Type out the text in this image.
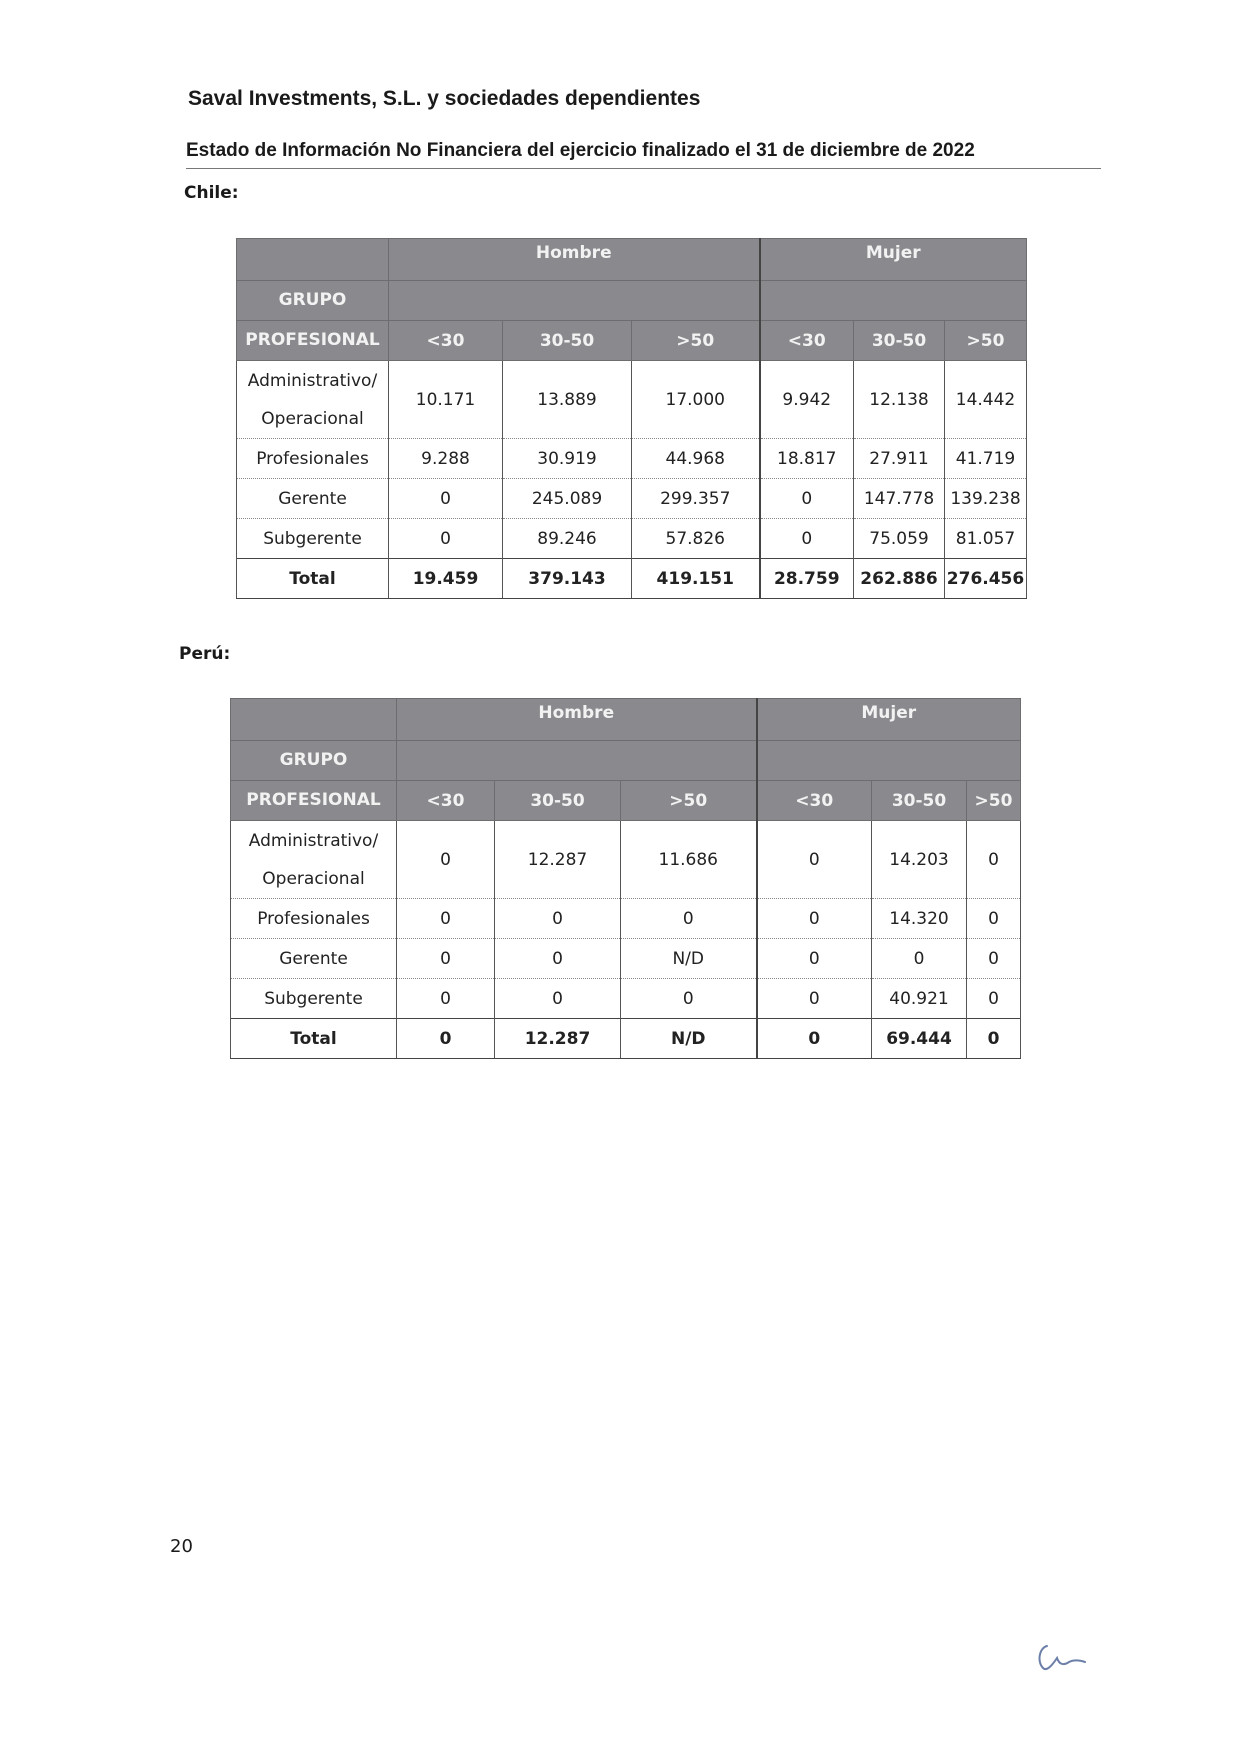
Saval Investments, S.L. y sociedades dependientes
Estado de Información No Financiera del ejercicio finalizado el 31 de diciembre de 2022
Chile:
	Hombre			Mujer		
GRUPO						
PROFESIONAL	<30	30-50	>50	<30	30-50	>50
Administrativo/
Operacional	10.171	13.889	17.000	9.942	12.138	14.442
Profesionales	9.288	30.919	44.968	18.817	27.911	41.719
Gerente	0	245.089	299.357	0	147.778	139.238
Subgerente	0	89.246	57.826	0	75.059	81.057
Total	19.459	379.143	419.151	28.759	262.886	276.456
Perú:
	Hombre			Mujer		
GRUPO						
PROFESIONAL	<30	30-50	>50	<30	30-50	>50
Administrativo/
Operacional	0	12.287	11.686	0	14.203	0
Profesionales	0	0	0	0	14.320	0
Gerente	0	0	N/D	0	0	0
Subgerente	0	0	0	0	40.921	0
Total	0	12.287	N/D	0	69.444	0
20
